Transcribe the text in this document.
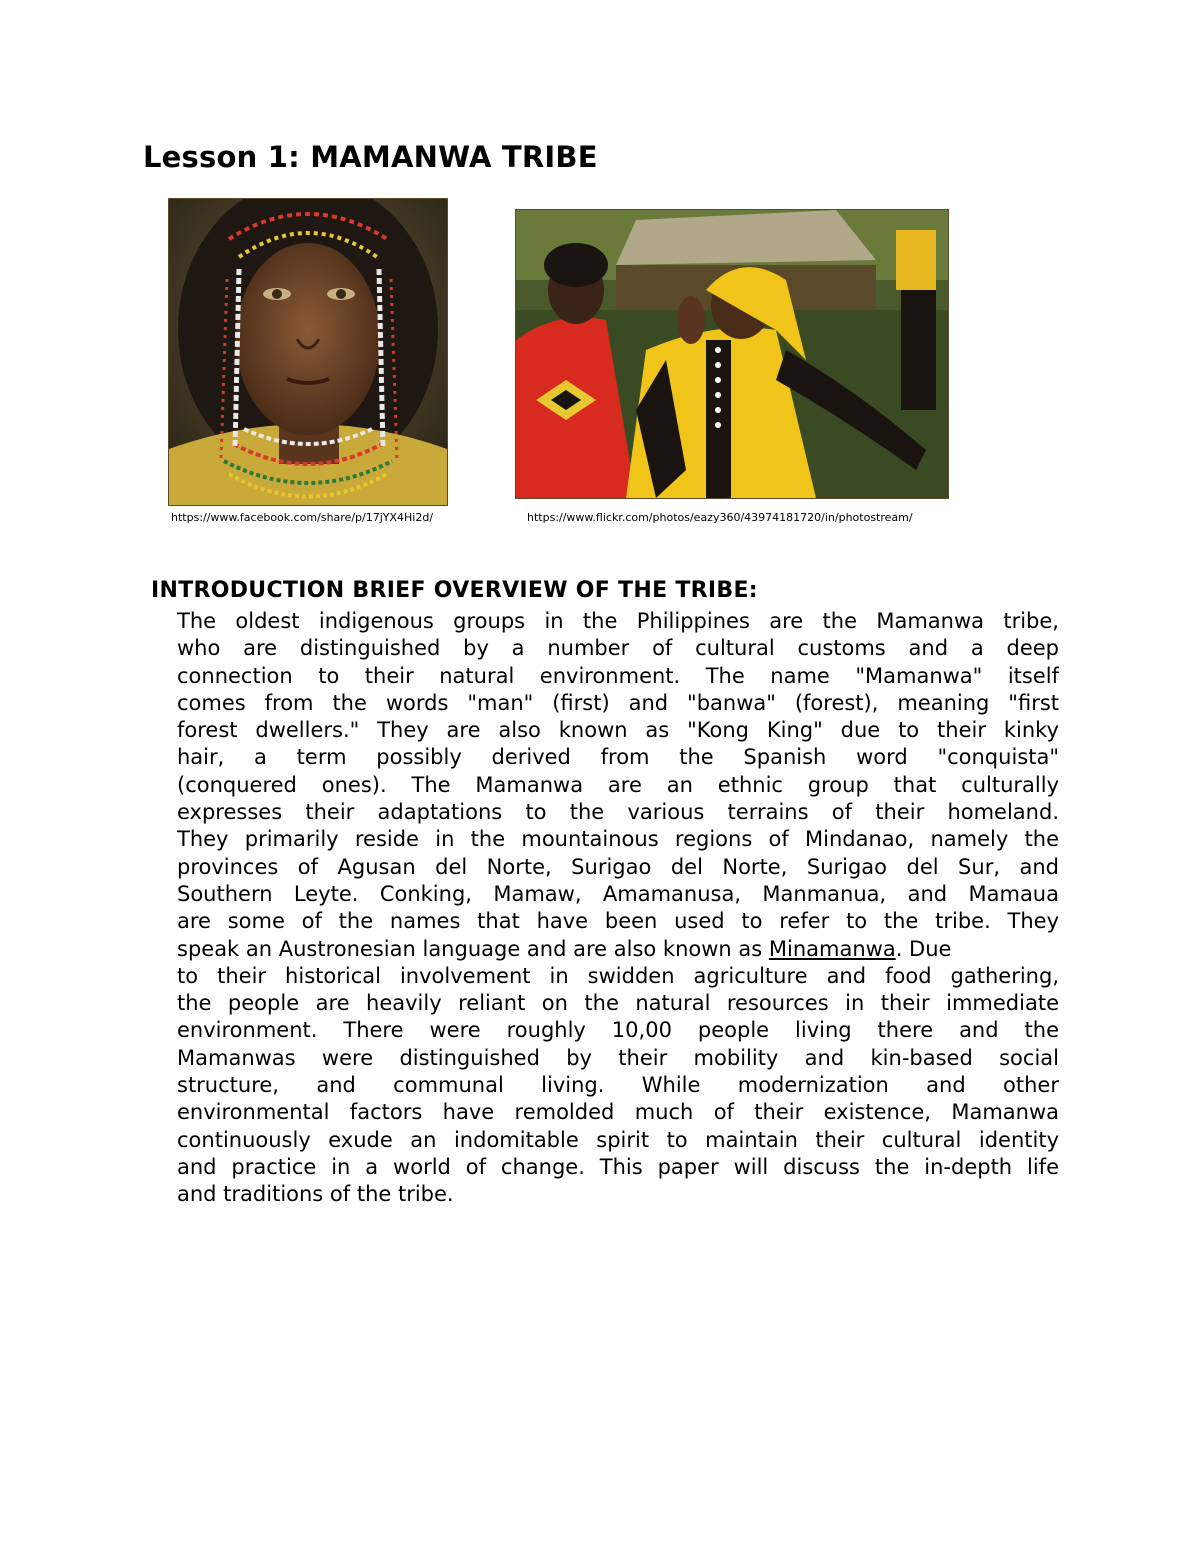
Lesson 1: MAMANWA TRIBE
https://www.facebook.com/share/p/17jYX4Hi2d/	https://www.flickr.com/photos/eazy360/43974181720/in/photostream/
INTRODUCTION BRIEF OVERVIEW OF THE TRIBE:
The oldest indigenous groups in the Philippines are the Mamanwa tribe,
who are distinguished by a number of cultural customs and a deep
connection to their natural environment. The name "Mamanwa" itself
comes from the words "man" (first) and "banwa" (forest), meaning "first
forest dwellers." They are also known as "Kong King" due to their kinky
hair, a term possibly derived from the Spanish word "conquista"
(conquered ones). The Mamanwa are an ethnic group that culturally
expresses their adaptations to the various terrains of their homeland.
They primarily reside in the mountainous regions of Mindanao, namely the
provinces of Agusan del Norte, Surigao del Norte, Surigao del Sur, and
Southern Leyte. Conking, Mamaw, Amamanusa, Manmanua, and Mamaua
are some of the names that have been used to refer to the tribe. They
speak an Austronesian language and are also known as Minamanwa. Due
to their historical involvement in swidden agriculture and food gathering,
the people are heavily reliant on the natural resources in their immediate
environment. There were roughly 10,00 people living there and the
Mamanwas were distinguished by their mobility and kin-based social
structure, and communal living. While modernization and other
environmental factors have remolded much of their existence, Mamanwa
continuously exude an indomitable spirit to maintain their cultural identity
and practice in a world of change. This paper will discuss the in-depth life
and traditions of the tribe.
